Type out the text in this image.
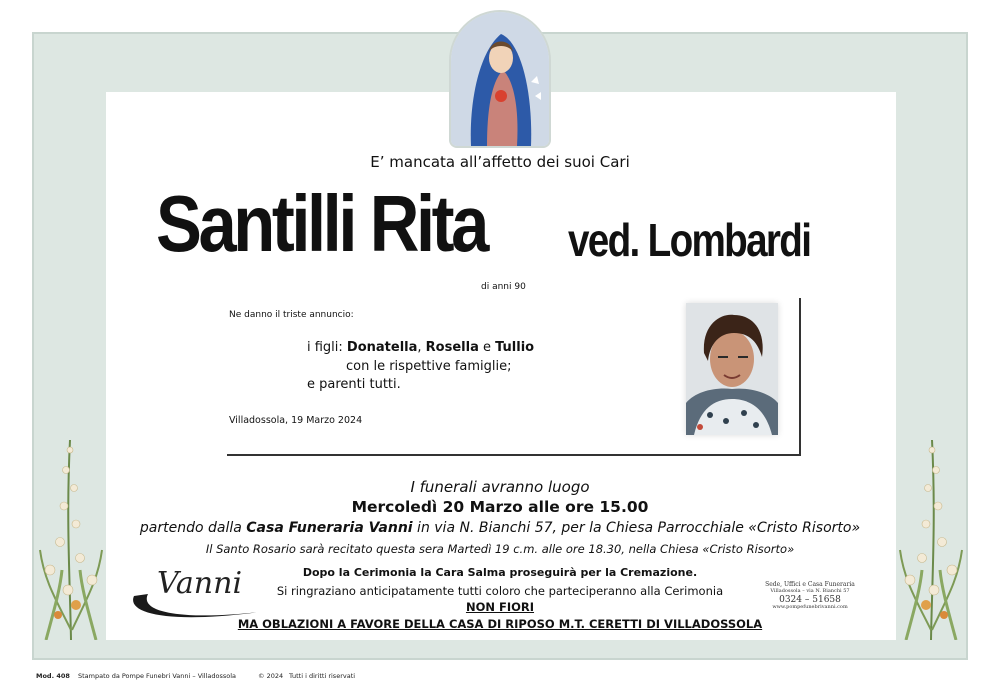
E’ mancata all’affetto dei suoi Cari
Santilli Rita	ved. Lombardi
di anni 90
Ne danno il triste annuncio:
i figli: Donatella, Rosella e Tullio
con le rispettive famiglie;
e parenti tutti.
Villadossola, 19 Marzo 2024
I funerali avranno luogo
Mercoledì 20 Marzo alle ore 15.00
partendo dalla Casa Funeraria Vanni in via N. Bianchi 57, per la Chiesa Parrocchiale «Cristo Risorto»
Il Santo Rosario sarà recitato questa sera Martedì 19 c.m. alle ore 18.30, nella Chiesa «Cristo Risorto»
Dopo la Cerimonia la Cara Salma proseguirà per la Cremazione.
Si ringraziano anticipatamente tutti coloro che parteciperanno alla Cerimonia
NON FIORI
MA OBLAZIONI A FAVORE DELLA CASA DI RIPOSO M.T. CERETTI DI VILLADOSSOLA
Vanni	Sede, Uffici e Casa Funeraria
Villadossola – via N. Bianchi 57
0324 – 51658
www.pompefunebrivanni.com
Mod. 408 Stampato da Pompe Funebri Vanni – Villadossola	© 2024 Tutti i diritti riservati
